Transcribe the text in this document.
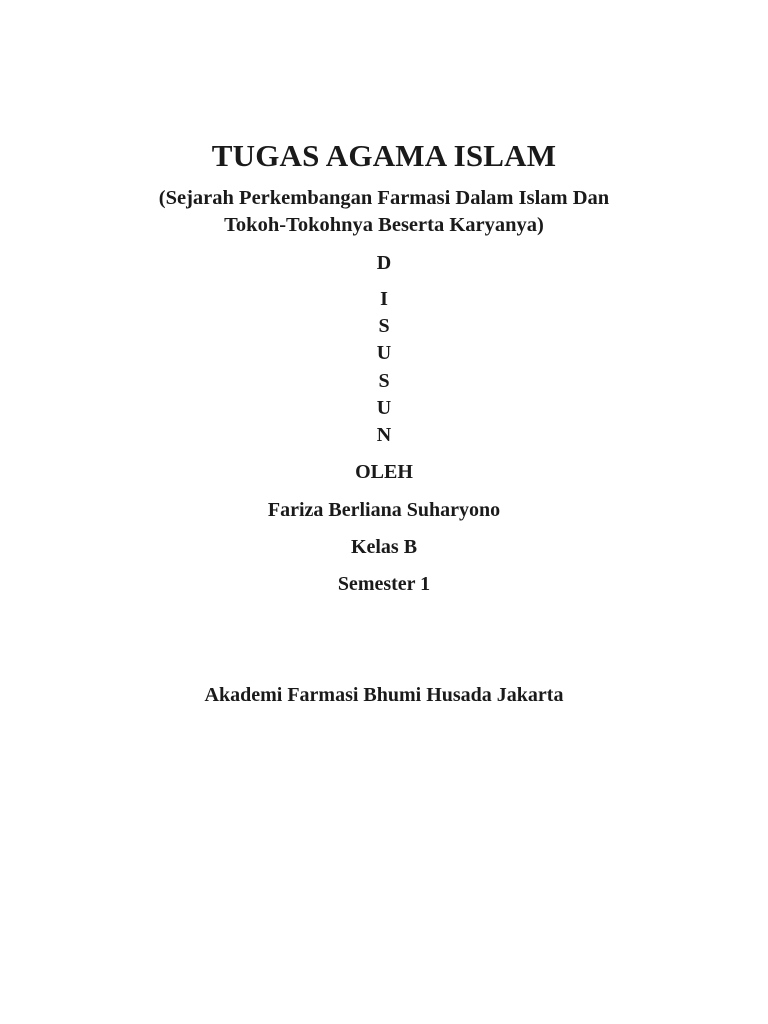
TUGAS AGAMA ISLAM
(Sejarah Perkembangan Farmasi Dalam Islam Dan
Tokoh-Tokohnya Beserta Karyanya)
D
I
S
U
S
U
N
OLEH
Fariza Berliana Suharyono
Kelas B
Semester 1
Akademi Farmasi Bhumi Husada Jakarta
